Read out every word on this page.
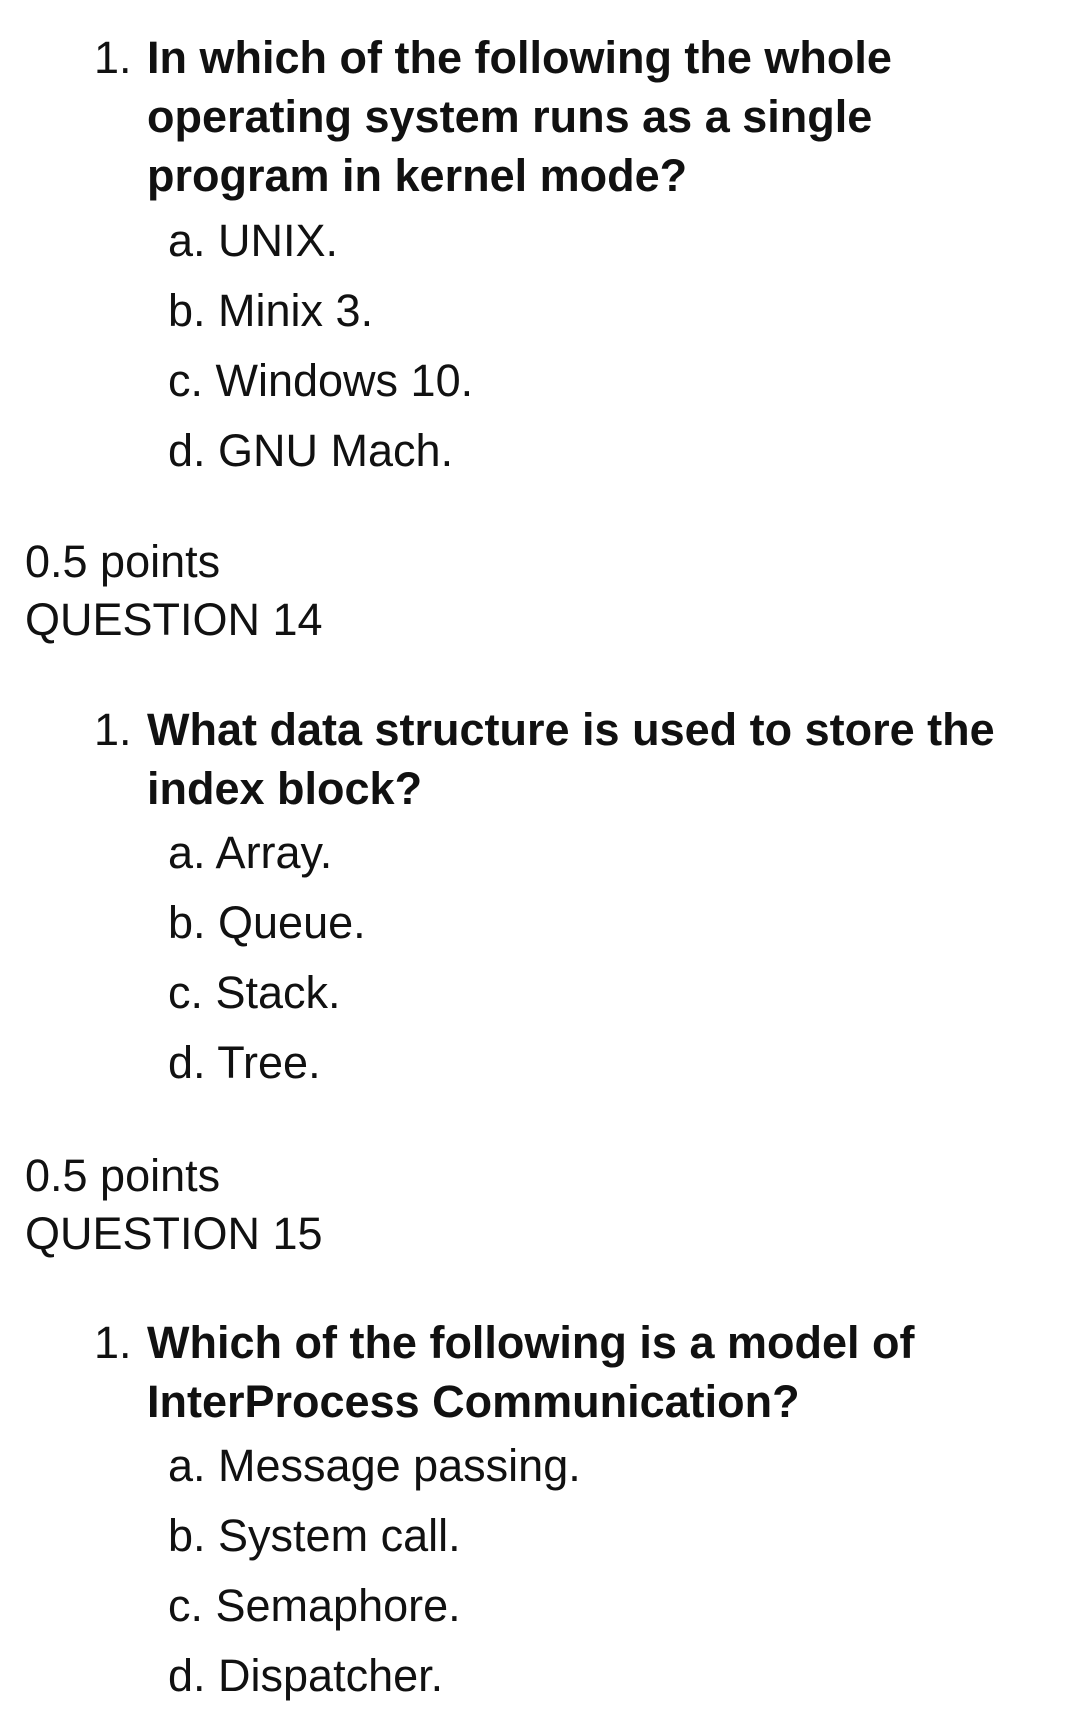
1. In which of the following the whole operating system runs as a single program in kernel mode?
a. UNIX.
b. Minix 3.
c. Windows 10.
d. GNU Mach.
0.5 points
QUESTION 14
1. What data structure is used to store the index block?
a. Array.
b. Queue.
c. Stack.
d. Tree.
0.5 points
QUESTION 15
1. Which of the following is a model of InterProcess Communication?
a. Message passing.
b. System call.
c. Semaphore.
d. Dispatcher.
